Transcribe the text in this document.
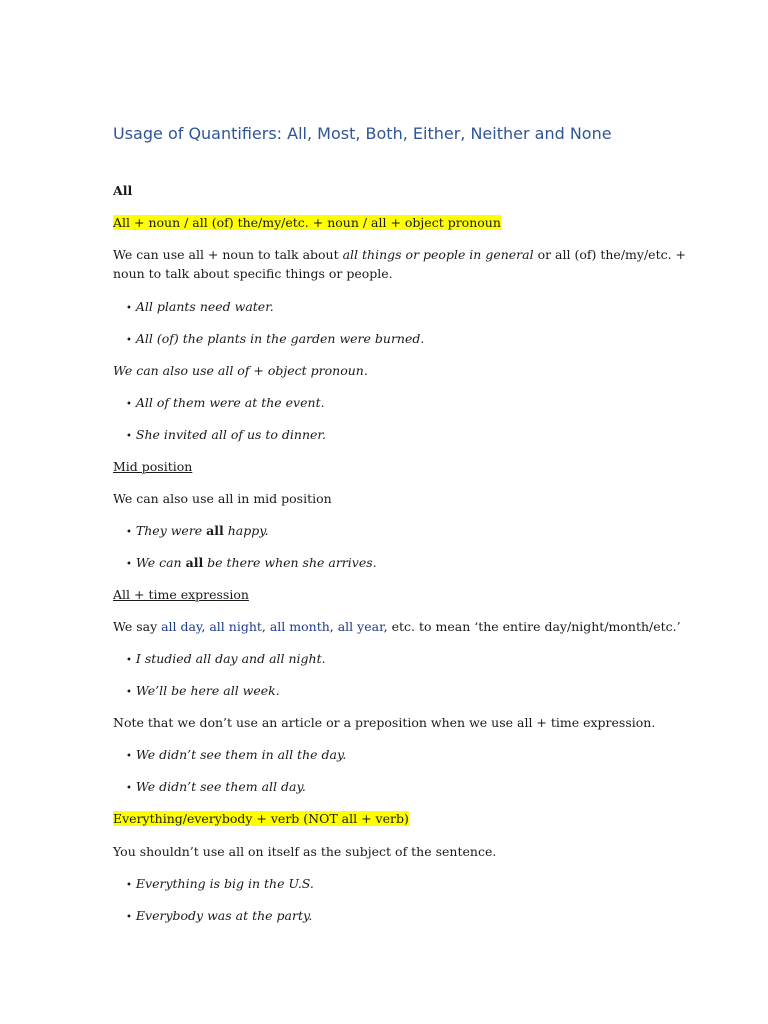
Usage of Quantifiers: All, Most, Both, Either, Neither and None

All

All + noun / all (of) the/my/etc. + noun / all + object pronoun

We can use all + noun to talk about all things or people in general or all (of) the/my/etc. +

noun to talk about specific things or people.

• All plants need water.

• All (of) the plants in the garden were burned.

We can also use all of + object pronoun.

• All of them were at the event.

• She invited all of us to dinner.

Mid position

We can also use all in mid position

• They were all happy.

• We can all be there when she arrives.

All + time expression

We say all day, all night, all month, all year, etc. to mean ‘the entire day/night/month/etc.’

• I studied all day and all night.

• We’ll be here all week.

Note that we don’t use an article or a preposition when we use all + time expression.

• We didn’t see them in all the day.

• We didn’t see them all day.

Everything/everybody + verb (NOT all + verb)

You shouldn’t use all on itself as the subject of the sentence.

• Everything is big in the U.S.

• Everybody was at the party.
